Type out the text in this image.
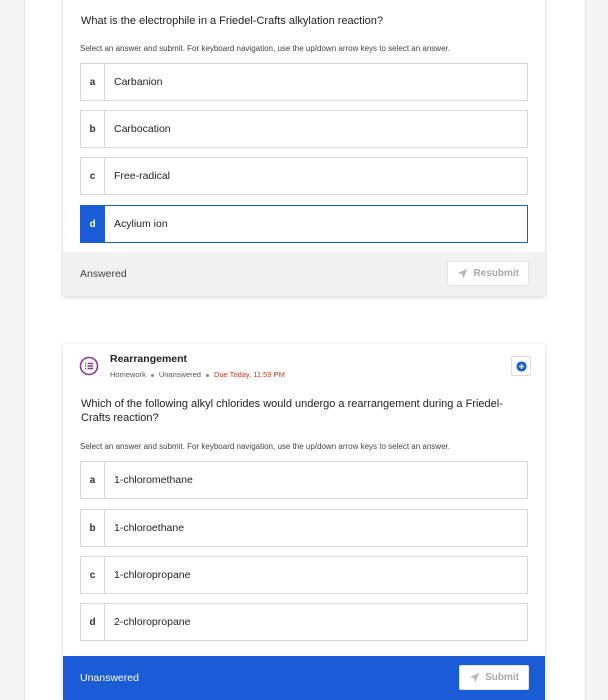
What is the electrophile in a Friedel-Crafts alkylation reaction?
Select an answer and submit. For keyboard navigation, use the up/down arrow keys to select an answer.
a	Carbanion
b	Carbocation
c	Free-radical
d	Acylium ion
Answered	Resubmit
Rearrangement
Homework Unanswered Due Today, 11:59 PM
Which of the following alkyl chlorides would undergo a rearrangement during a Friedel-Crafts reaction?
Select an answer and submit. For keyboard navigation, use the up/down arrow keys to select an answer.
a	1-chloromethane
b	1-chloroethane
c	1-chloropropane
d	2-chloropropane
Unanswered	Submit
